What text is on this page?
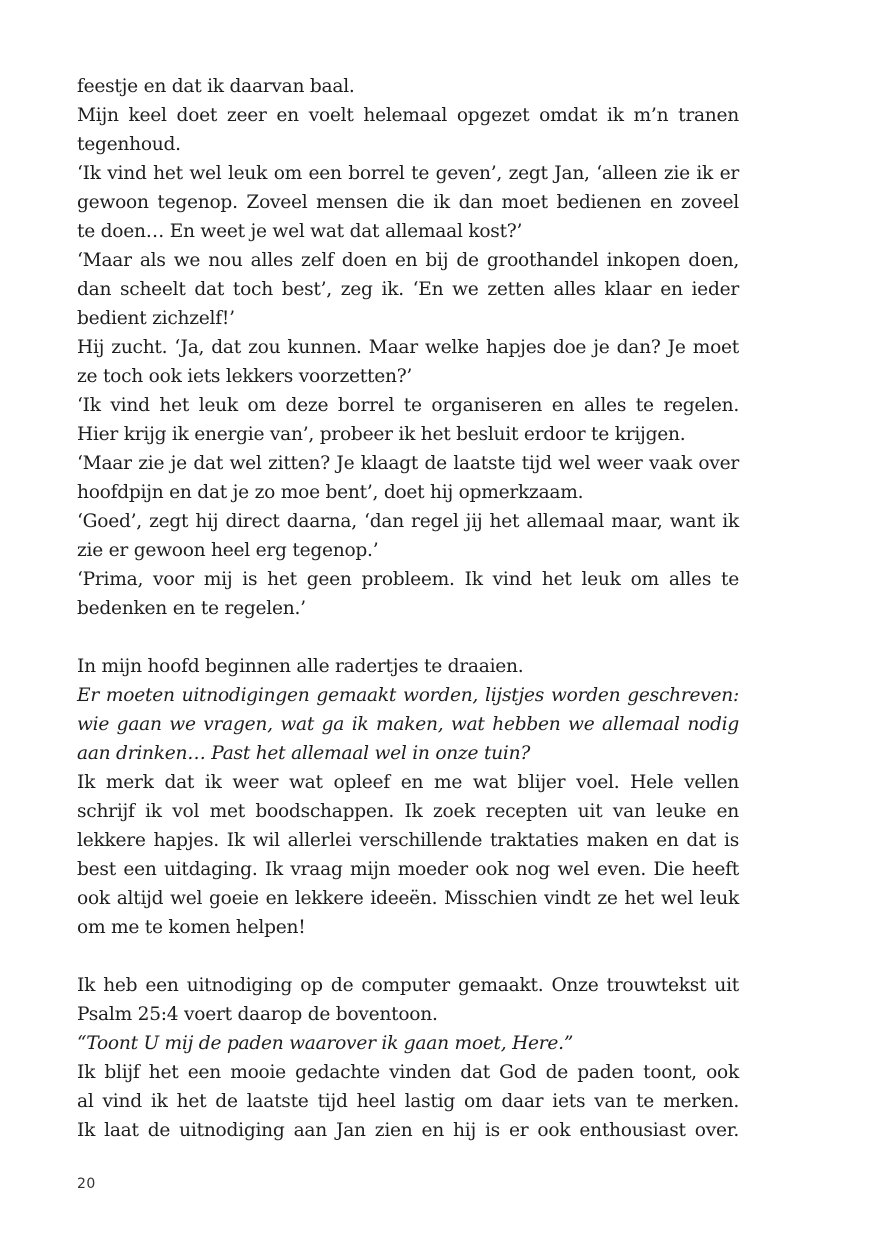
feestje en dat ik daarvan baal.
Mijn keel doet zeer en voelt helemaal opgezet omdat ik m’n tranen
tegenhoud.
‘Ik vind het wel leuk om een borrel te geven’, zegt Jan, ‘alleen zie ik er
gewoon tegenop. Zoveel mensen die ik dan moet bedienen en zoveel
te doen… En weet je wel wat dat allemaal kost?’
‘Maar als we nou alles zelf doen en bij de groothandel inkopen doen,
dan scheelt dat toch best’, zeg ik. ‘En we zetten alles klaar en ieder
bedient zichzelf!’
Hij zucht. ‘Ja, dat zou kunnen. Maar welke hapjes doe je dan? Je moet
ze toch ook iets lekkers voorzetten?’
‘Ik vind het leuk om deze borrel te organiseren en alles te regelen.
Hier krijg ik energie van’, probeer ik het besluit erdoor te krijgen.
‘Maar zie je dat wel zitten? Je klaagt de laatste tijd wel weer vaak over
hoofdpijn en dat je zo moe bent’, doet hij opmerkzaam.
‘Goed’, zegt hij direct daarna, ‘dan regel jij het allemaal maar, want ik
zie er gewoon heel erg tegenop.’
‘Prima, voor mij is het geen probleem. Ik vind het leuk om alles te
bedenken en te regelen.’
In mijn hoofd beginnen alle radertjes te draaien.
Er moeten uitnodigingen gemaakt worden, lijstjes worden geschreven:
wie gaan we vragen, wat ga ik maken, wat hebben we allemaal nodig
aan drinken… Past het allemaal wel in onze tuin?
Ik merk dat ik weer wat opleef en me wat blijer voel. Hele vellen
schrijf ik vol met boodschappen. Ik zoek recepten uit van leuke en
lekkere hapjes. Ik wil allerlei verschillende traktaties maken en dat is
best een uitdaging. Ik vraag mijn moeder ook nog wel even. Die heeft
ook altijd wel goeie en lekkere ideeën. Misschien vindt ze het wel leuk
om me te komen helpen!
Ik heb een uitnodiging op de computer gemaakt. Onze trouwtekst uit
Psalm 25:4 voert daarop de boventoon.
“Toont U mij de paden waarover ik gaan moet, Here.”
Ik blijf het een mooie gedachte vinden dat God de paden toont, ook
al vind ik het de laatste tijd heel lastig om daar iets van te merken.
Ik laat de uitnodiging aan Jan zien en hij is er ook enthousiast over.
20
